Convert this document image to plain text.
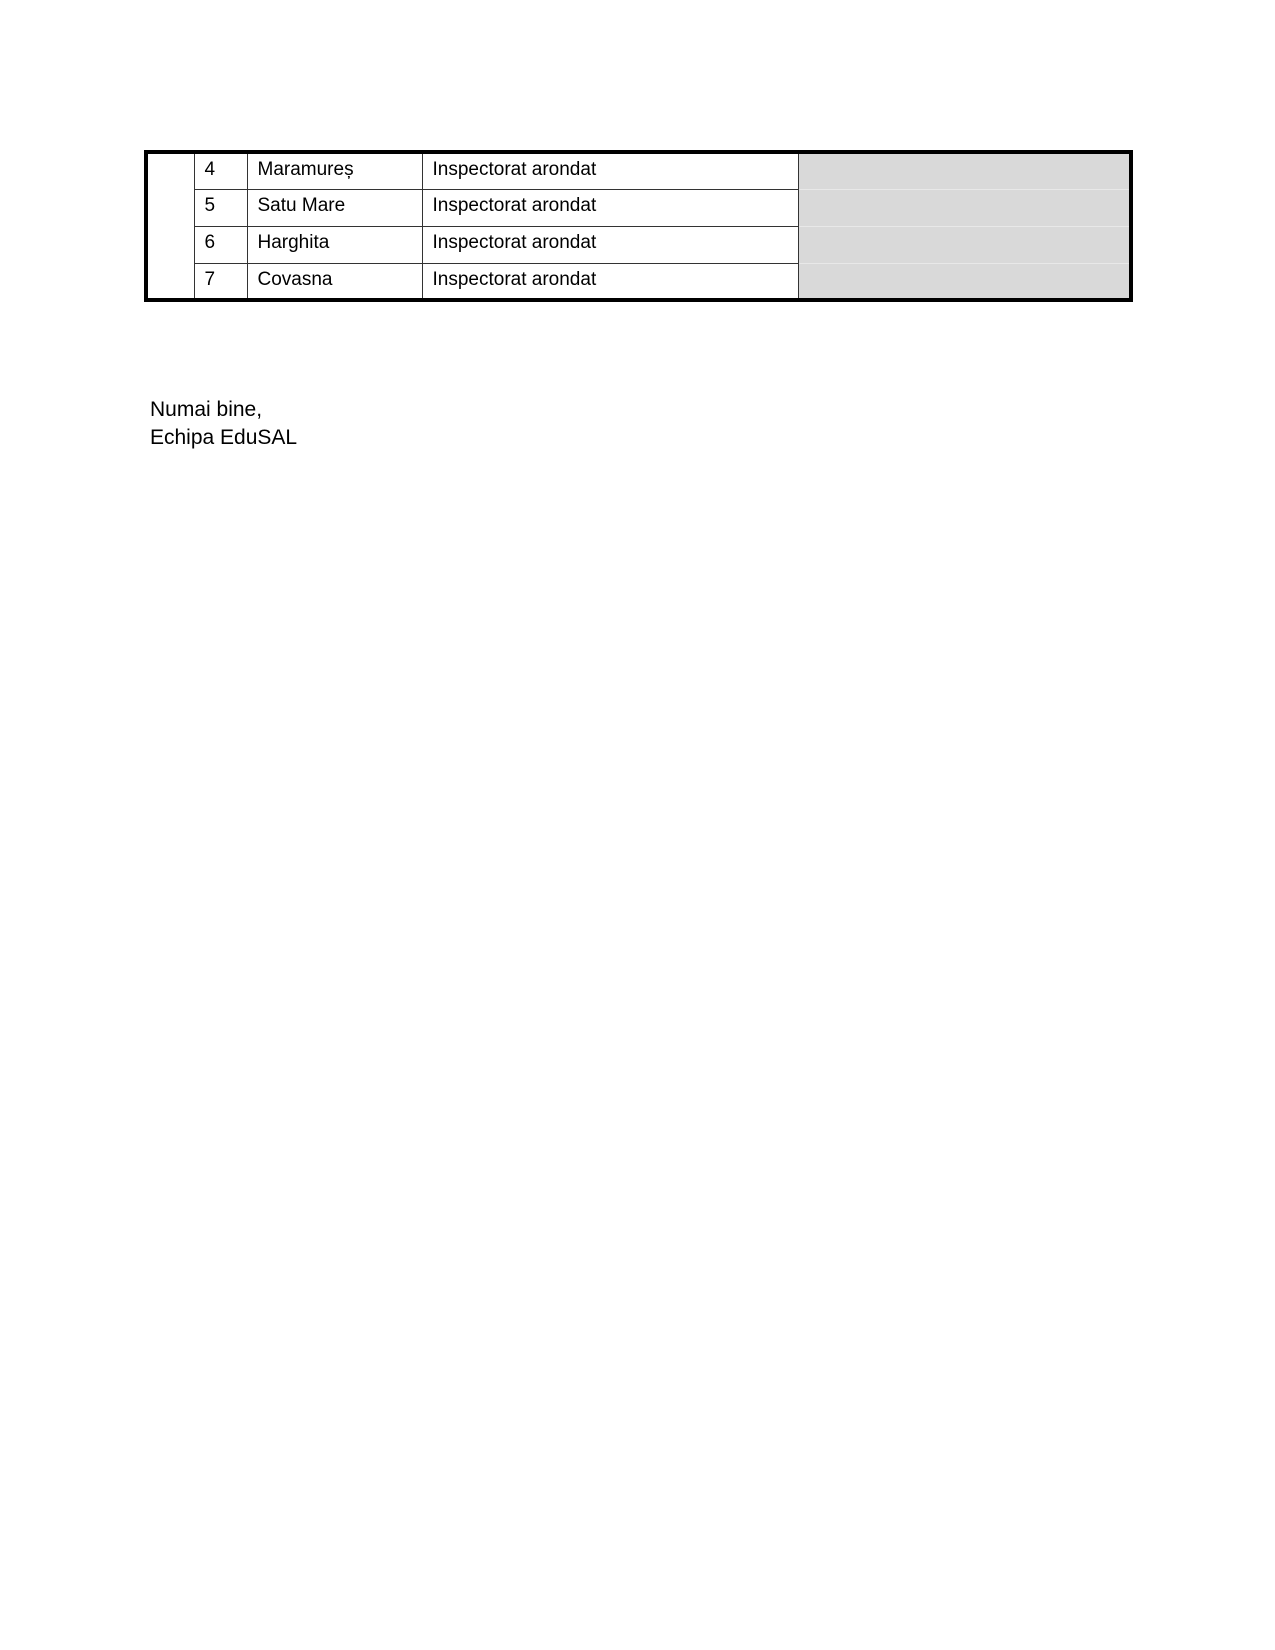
	4	Maramureș	Inspectorat arondat	
	5	Satu Mare	Inspectorat arondat	
	6	Harghita	Inspectorat arondat	
	7	Covasna	Inspectorat arondat	
Numai bine,
Echipa EduSAL
